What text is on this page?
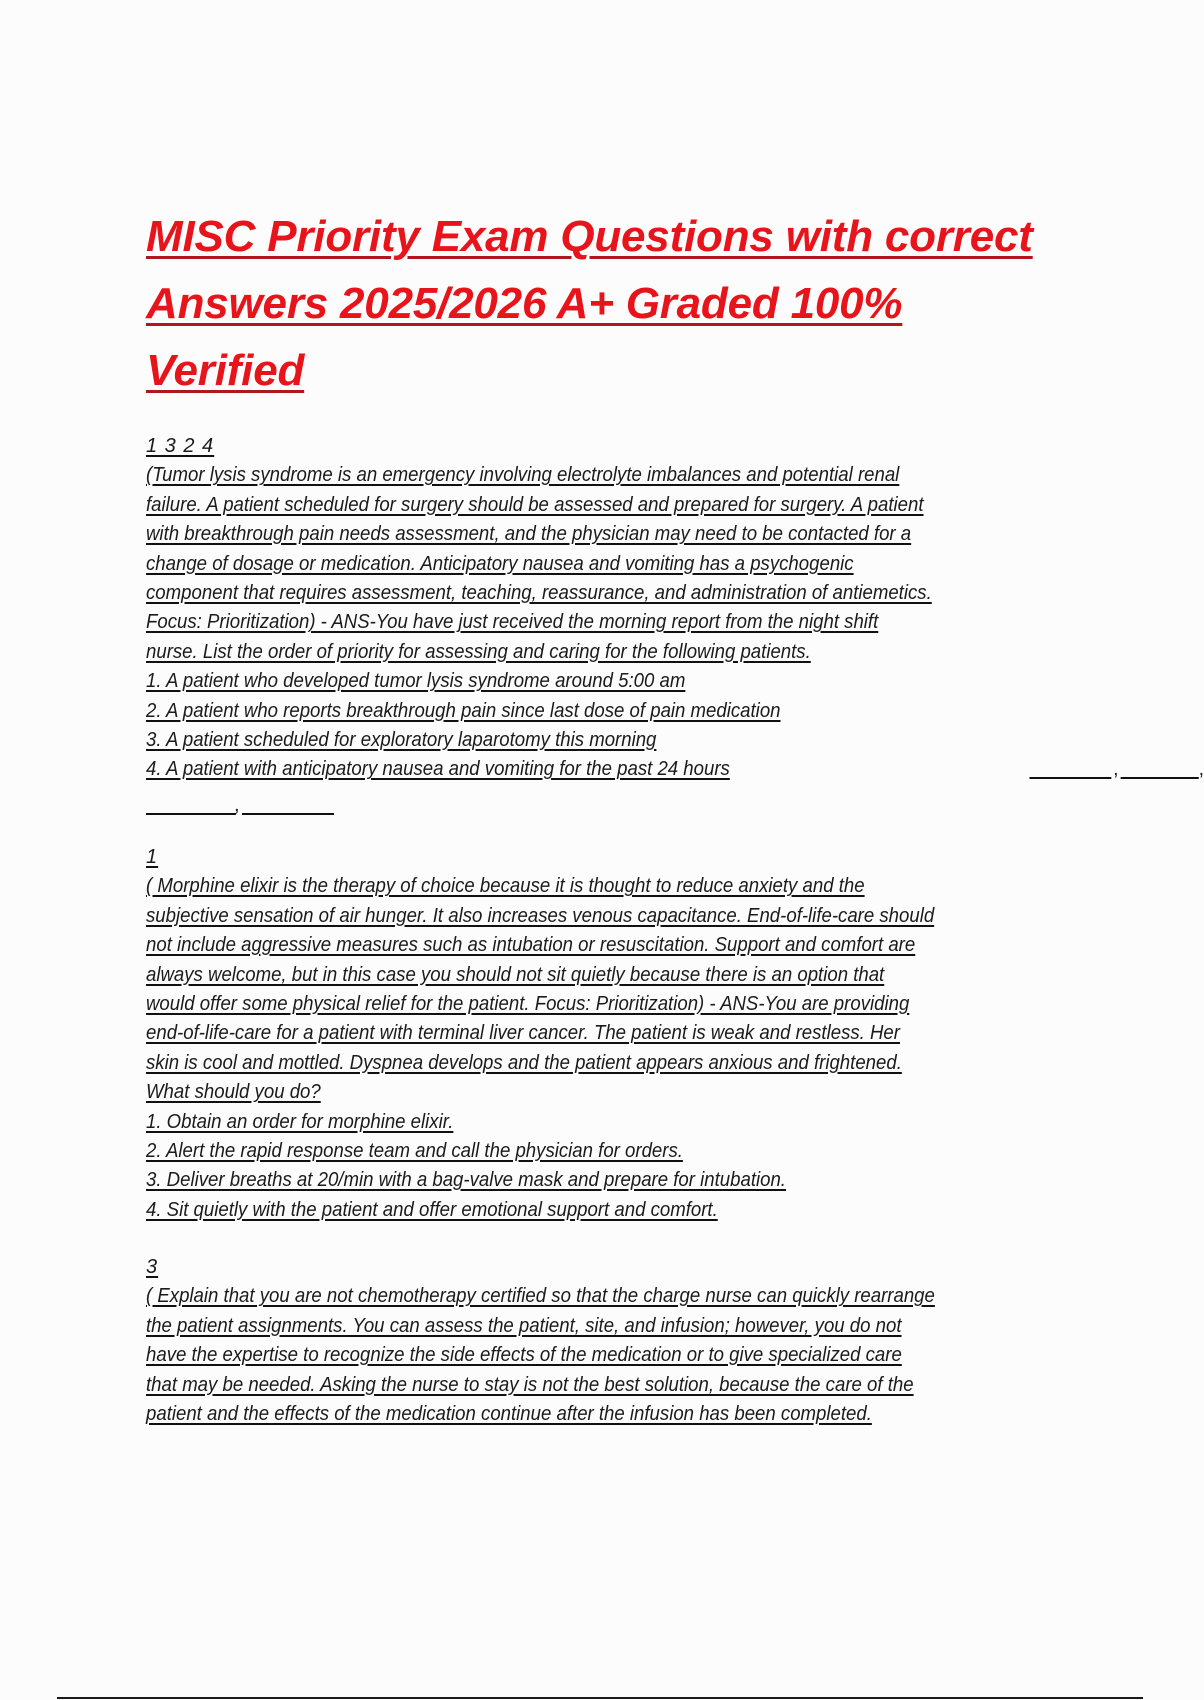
MISC Priority Exam Questions with correct
Answers 2025/2026 A+ Graded 100%
Verified
1 3 2 4
(Tumor lysis syndrome is an emergency involving electrolyte imbalances and potential renal
failure. A patient scheduled for surgery should be assessed and prepared for surgery. A patient
with breakthrough pain needs assessment, and the physician may need to be contacted for a
change of dosage or medication. Anticipatory nausea and vomiting has a psychogenic
component that requires assessment, teaching, reassurance, and administration of antiemetics.
Focus: Prioritization) - ANS-You have just received the morning report from the night shift
nurse. List the order of priority for assessing and caring for the following patients.
1. A patient who developed tumor lysis syndrome around 5:00 am
2. A patient who reports breakthrough pain since last dose of pain medication
3. A patient scheduled for exploratory laparotomy this morning
4. A patient with anticipatory nausea and vomiting for the past 24 hours	,	,
,
1
( Morphine elixir is the therapy of choice because it is thought to reduce anxiety and the
subjective sensation of air hunger. It also increases venous capacitance. End-of-life-care should
not include aggressive measures such as intubation or resuscitation. Support and comfort are
always welcome, but in this case you should not sit quietly because there is an option that
would offer some physical relief for the patient. Focus: Prioritization) - ANS-You are providing
end-of-life-care for a patient with terminal liver cancer. The patient is weak and restless. Her
skin is cool and mottled. Dyspnea develops and the patient appears anxious and frightened.
What should you do?
1. Obtain an order for morphine elixir.
2. Alert the rapid response team and call the physician for orders.
3. Deliver breaths at 20/min with a bag-valve mask and prepare for intubation.
4. Sit quietly with the patient and offer emotional support and comfort.
3
( Explain that you are not chemotherapy certified so that the charge nurse can quickly rearrange
the patient assignments. You can assess the patient, site, and infusion; however, you do not
have the expertise to recognize the side effects of the medication or to give specialized care
that may be needed. Asking the nurse to stay is not the best solution, because the care of the
patient and the effects of the medication continue after the infusion has been completed.
